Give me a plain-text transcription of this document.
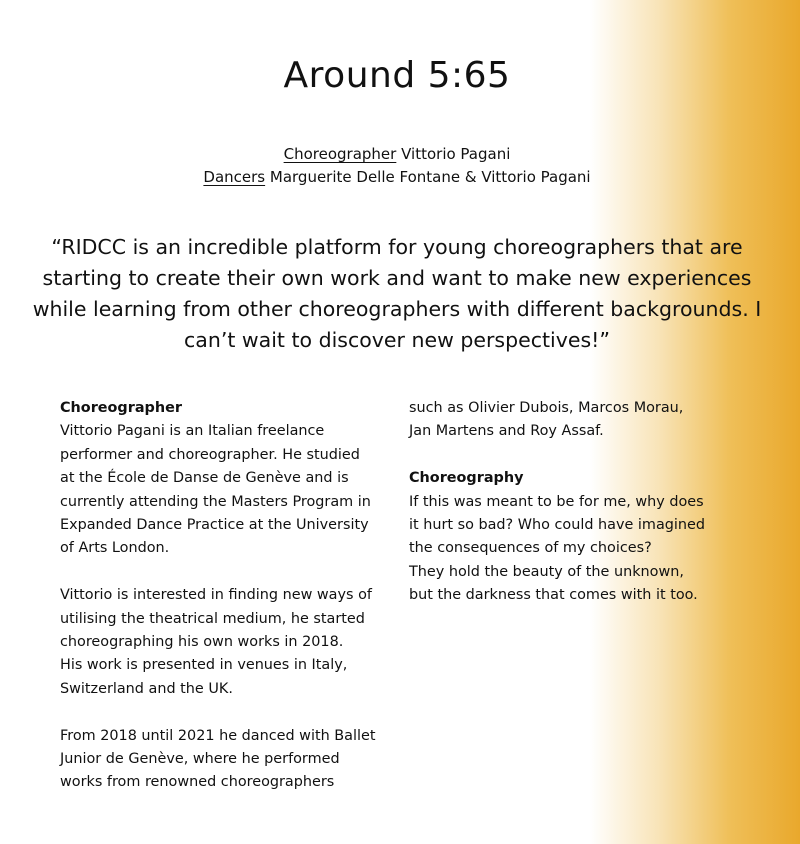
Around 5:65
Choreographer Vittorio Pagani
Dancers Marguerite Delle Fontane & Vittorio Pagani

“RIDCC is an incredible platform for young choreographers that are starting to create their own work and want to make new experiences while learning from other choreographers with different backgrounds. I can’t wait to discover new perspectives!”

Choreographer

Vittorio Pagani is an Italian freelance
performer and choreographer. He studied
at the École de Danse de Genève and is
currently attending the Masters Program in
Expanded Dance Practice at the University
of Arts London.

Vittorio is interested in finding new ways of
utilising the theatrical medium, he started
choreographing his own works in 2018.
His work is presented in venues in Italy,
Switzerland and the UK.

From 2018 until 2021 he danced with Ballet
Junior de Genève, where he performed
works from renowned choreographers

such as Olivier Dubois, Marcos Morau,
Jan Martens and Roy Assaf.

Choreography

If this was meant to be for me, why does
it hurt so bad? Who could have imagined
the consequences of my choices?
They hold the beauty of the unknown,
but the darkness that comes with it too.
